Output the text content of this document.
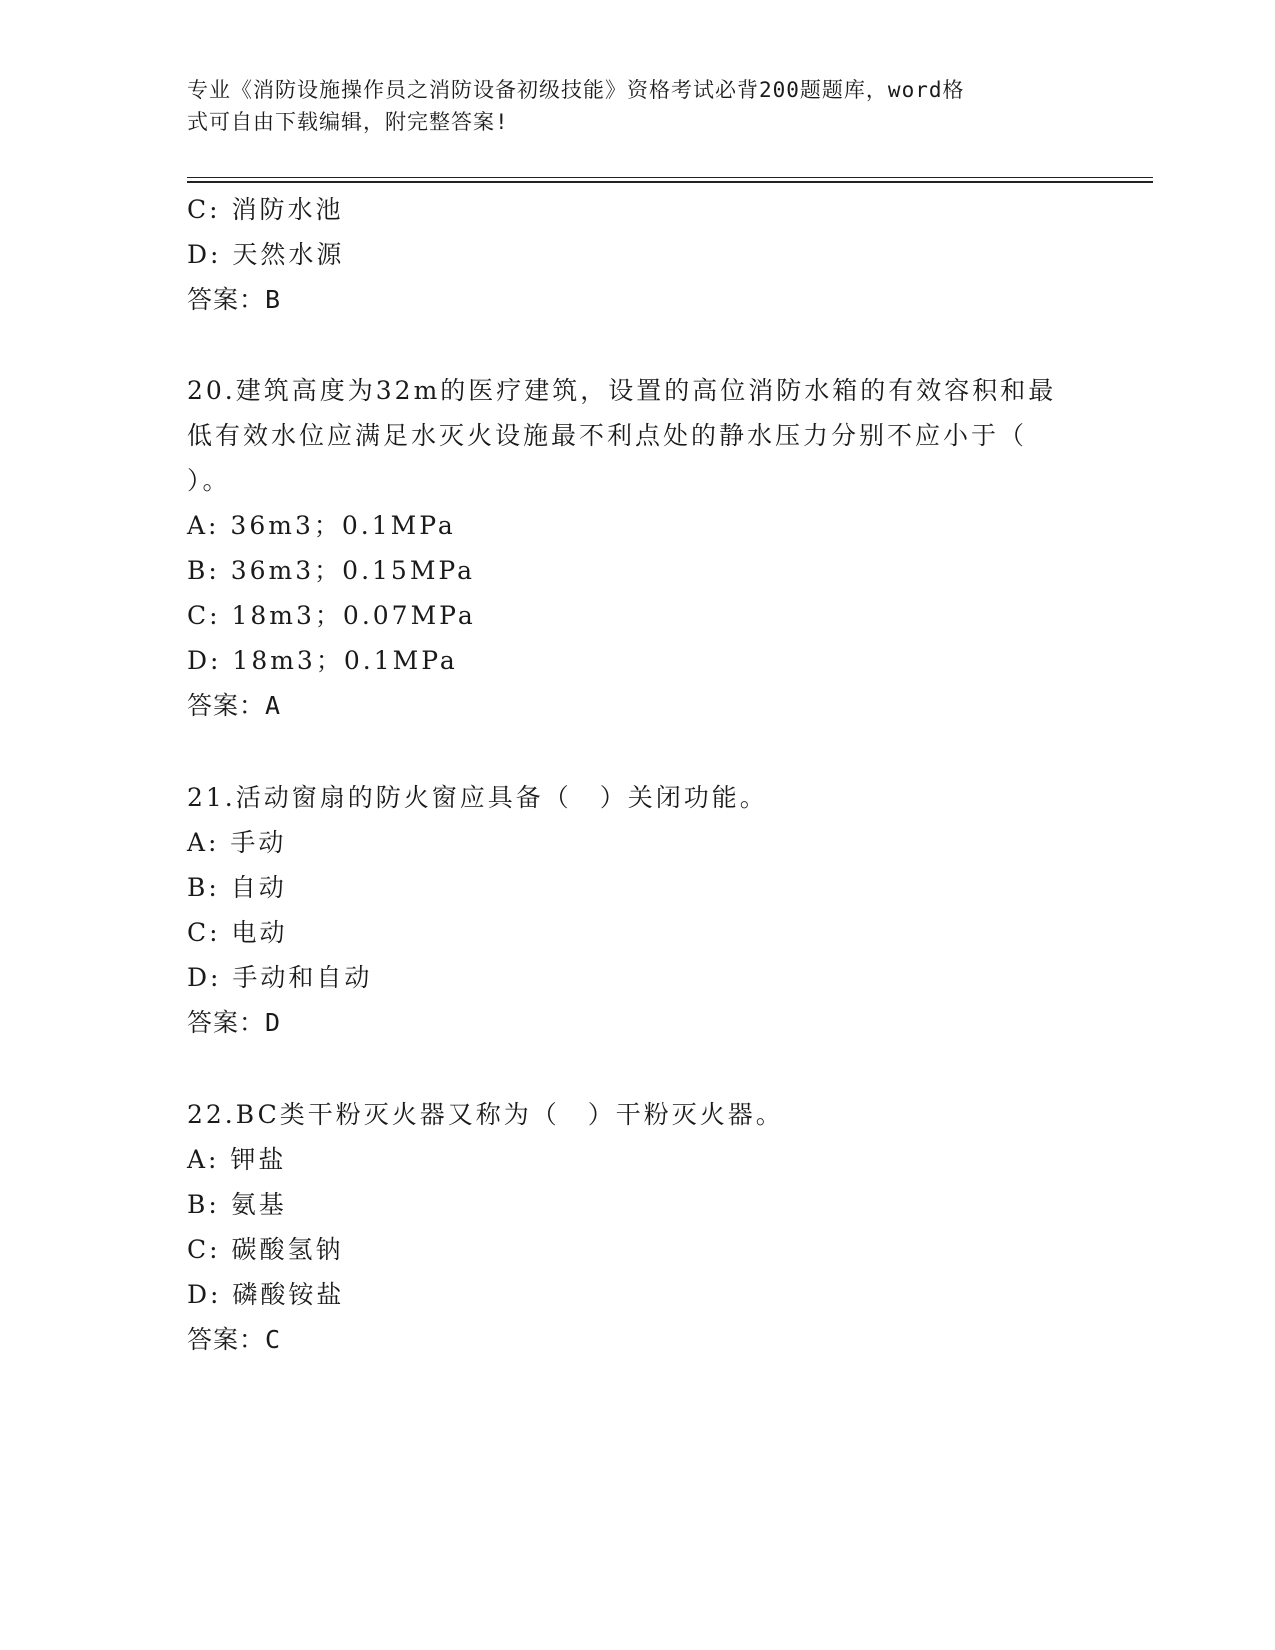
专业《消防设施操作员之消防设备初级技能》资格考试必背200题题库，word格
式可自由下载编辑，附完整答案!
C: 消防水池
D: 天然水源
答案：B
20.建筑高度为32m的医疗建筑，设置的高位消防水箱的有效容积和最
低有效水位应满足水灭火设施最不利点处的静水压力分别不应小于（
）。
A: 36m3；0.1MPa
B: 36m3；0.15MPa
C: 18m3；0.07MPa
D: 18m3；0.1MPa
答案：A
21.活动窗扇的防火窗应具备（　）关闭功能。
A: 手动
B: 自动
C: 电动
D: 手动和自动
答案：D
22.BC类干粉灭火器又称为（　）干粉灭火器。
A: 钾盐
B: 氨基
C: 碳酸氢钠
D: 磷酸铵盐
答案：C
